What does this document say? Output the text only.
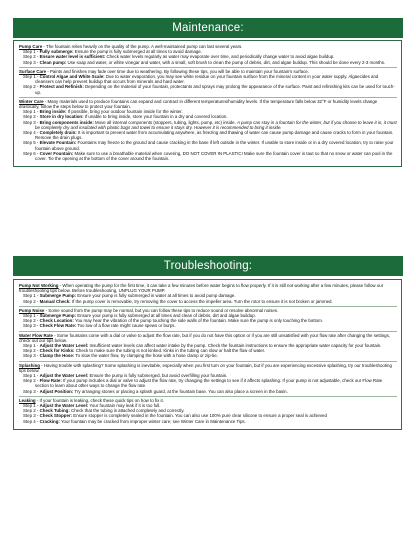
Maintenance:

Pump Care - The fountain relies heavily on the quality of the pump. A well-maintained pump can last several years.

Step 1 - Fully submerge: Ensure the pump is fully submerged at all times to avoid damage.

Step 2 - Ensure water level is sufficient: Check water levels regularly as water may evaporate over time, and periodically change water to avoid algae buildup.

Step 3 - Clean pump: Use soap and water, or white vinegar and water, with a small, soft brush to clean the pump of debris, dirt, and algae buildup. This should be done every 2-3 months.

Surface Care - Paints and finishes may fade over time due to weathering. By following these tips, you will be able to maintain your fountain's surface.

Step 1 - Control Algae and White Scale: Due to water evaporation, you may see white residue on your fountain surface from the mineral content in your water supply. Algaecides and cleansers can help prevent buildup that occurs from minerals and hard water.

Step 2 - Protect and Refinish: Depending on the material of your fountain, protectants and sprays may prolong the appearance of the surface. Paint and refinishing kits can be used for touch-up.

Winter Care - Many materials used to produce fountains can expand and contract in different temperatures/humidity levels. If the temperature falls below 32°F or humidity levels change drastically, follow the steps below to protect your fountain.

Step 1 - Bring inside: If possible, bring your outdoor fountain inside for the winter.

Step 2 - Store in dry location: If unable to bring inside, store your fountain in a dry and covered location.

Step 3 - Bring components inside: Move all internal components (stoppers, tubing, lights, pump, etc) inside. A pump can stay in a fountain for the winter, but if you choose to leave it in, it must be completely dry and insulated with plastic bags and towel to ensure it stays dry. However it is recommended to bring it inside.

Step 4 - Completely drain: It is important to prevent water from accumulating anywhere, as freezing and thawing of water can cause pump damage and cause cracks to form in your fountain. Remove the drain plugs.

Step 5 - Elevate Fountain: Fountains may freeze to the ground and cause cracking in the base if left outside in the winter. If unable to store inside or in a dry covered location, try to raise your fountain above ground.

Step 6 - Cover Fountain: Make sure to use a breathable material when covering, DO NOT COVER IN PLASTIC! Make sure the fountain cover is taut so that no snow or water can pool in the cover. Tie the opening at the bottom of the cover around the fountain.

Troubleshooting:

Pump Not Working - When operating the pump for the first time, it can take a few minutes before water begins to flow properly. If it is still not working after a few minutes, please follow our troubleshooting tips below. Before troubleshooting, UNPLUG YOUR PUMP.

Step 1 - Submerge Pump: Ensure your pump is fully submerged in water at all times to avoid pump damage.

Step 2 - Manual Check: If the pump cover is removable, try removing the cover to access the impeller area. Turn the rotor to ensure it is not broken or jammed.

Pump Noise - Some sound from the pump may be normal, but you can follow these tips to reduce sound or resolve abnormal noises.

Step 1 - Submerge Pump: Ensure your pump is fully submerged at all times and clean of debris, dirt and algae buildup.

Step 2 - Check Location: You may hear the vibration of the pump touching the side walls of the fountain. Make sure the pump is only touching the bottom.

Step 3 - Check Flow Rate: Too low of a flow rate might cause spews or burps.

Water Flow Rate - Some fountains come with a dial or valve to adjust the flow rate, but if you do not have this option or if you are still unsatisfied with your flow rate after changing the settings, check out our tips below.

Step 1 - Adjust the Water Level: Insufficient water levels can affect water intake by the pump. Check the fountain instructions to ensure the appropriate water capacity for your fountain.

Step 2 - Check for Kinks: Check to make sure the tubing is not kinked. Kinks in the tubing can slow or halt the flow of water.

Step 3 - Clamp the Hose: To slow the water flow, try clamping the hose with a hose clamp or zip-tie.

Splashing - Having trouble with splashing? Some splashing is inevitable, especially when you first turn on your fountain, but if you are experiencing excessive splashing, try our troubleshooting tips below.

Step 1 - Adjust the Water Level: Ensure the pump is fully submerged, but avoid overfilling your fountain.

Step 2 - Flow Rate: If your pump includes a dial or valve to adjust the flow rate, try changing the settings to see if it affects splashing. If your pump is not adjustable, check our Flow Rate section to learn about other ways to change the flow rate.

Step 3 - Adjust Position: Try arranging stones or placing a splash guard, at the fountain base. You can also place a screen in the basin.

Leaking - If your fountain is leaking, check these quick tips on how to fix it.

Step 1 - Adjust the Water Level: Your fountain may leak if it is too full.

Step 2 - Check Tubing: Check that the tubing is attached completely and correctly.

Step 3 - Check Stopper: Ensure stopper is completely sealed in the fountain. You can also use 100% pure clear silicone to ensure a proper seal is achieved

Step 4 - Cracking: Your fountain may be cracked from improper winter care; see Winter Care in Maintenance Tips.
